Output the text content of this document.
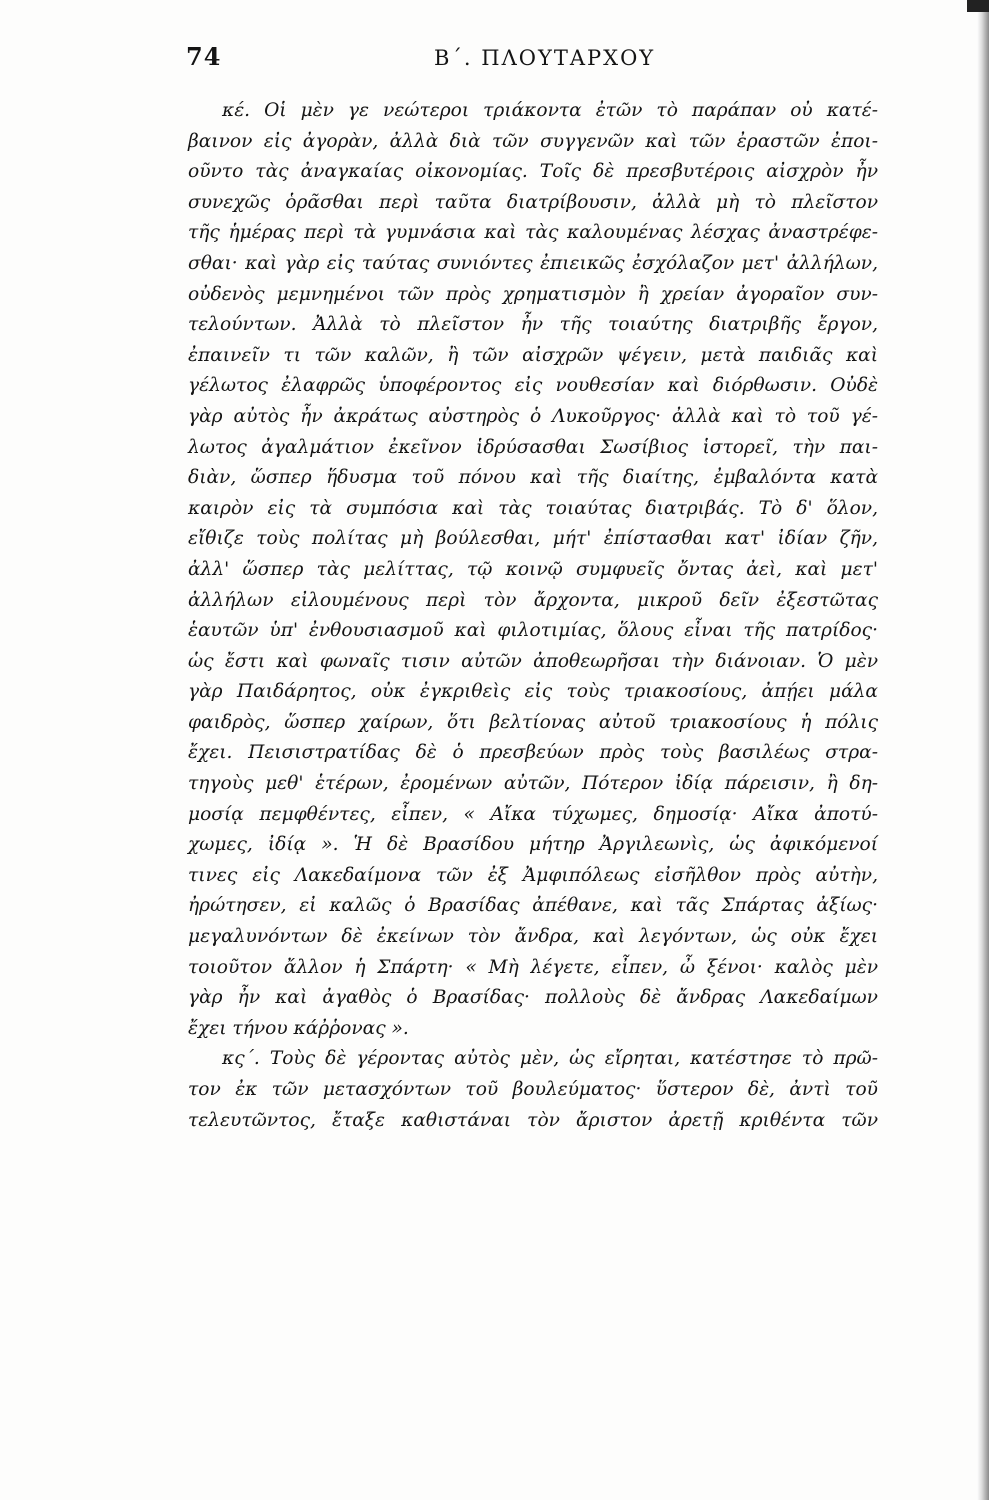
74	Β΄. ΠΛΟΥΤΑΡΧΟΥ
κέ. Οἱ μὲν γε νεώτεροι τριάκοντα ἐτῶν τὸ παράπαν οὐ κατέ-
βαινον εἰς ἀγορὰν, ἀλλὰ διὰ τῶν συγγενῶν καὶ τῶν ἐραστῶν ἐποι-
οῦντο τὰς ἀναγκαίας οἰκονομίας. Τοῖς δὲ πρεσβυτέροις αἰσχρὸν ἦν
συνεχῶς ὁρᾶσθαι περὶ ταῦτα διατρίβουσιν, ἀλλὰ μὴ τὸ πλεῖστον
τῆς ἡμέρας περὶ τὰ γυμνάσια καὶ τὰς καλουμένας λέσχας ἀναστρέφε-
σθαι· καὶ γὰρ εἰς ταύτας συνιόντες ἐπιεικῶς ἐσχόλαζον μετ' ἀλλήλων,
οὐδενὸς μεμνημένοι τῶν πρὸς χρηματισμὸν ἢ χρείαν ἀγοραῖον συν-
τελούντων. Ἀλλὰ τὸ πλεῖστον ἦν τῆς τοιαύτης διατριβῆς ἔργον,
ἐπαινεῖν τι τῶν καλῶν, ἢ τῶν αἰσχρῶν ψέγειν, μετὰ παιδιᾶς καὶ
γέλωτος ἐλαφρῶς ὑποφέροντος εἰς νουθεσίαν καὶ διόρθωσιν. Οὐδὲ
γὰρ αὐτὸς ἦν ἀκράτως αὐστηρὸς ὁ Λυκοῦργος· ἀλλὰ καὶ τὸ τοῦ γέ-
λωτος ἀγαλμάτιον ἐκεῖνον ἱδρύσασθαι Σωσίβιος ἱστορεῖ, τὴν παι-
διὰν, ὥσπερ ἥδυσμα τοῦ πόνου καὶ τῆς διαίτης, ἐμβαλόντα κατὰ
καιρὸν εἰς τὰ συμπόσια καὶ τὰς τοιαύτας διατριβάς. Τὸ δ' ὅλον,
εἴθιζε τοὺς πολίτας μὴ βούλεσθαι, μήτ' ἐπίστασθαι κατ' ἰδίαν ζῆν,
ἀλλ' ὥσπερ τὰς μελίττας, τῷ κοινῷ συμφυεῖς ὄντας ἀεὶ, καὶ μετ'
ἀλλήλων εἰλουμένους περὶ τὸν ἄρχοντα, μικροῦ δεῖν ἐξεστῶτας
ἑαυτῶν ὑπ' ἐνθουσιασμοῦ καὶ φιλοτιμίας, ὅλους εἶναι τῆς πατρίδος·
ὡς ἔστι καὶ φωναῖς τισιν αὐτῶν ἀποθεωρῆσαι τὴν διάνοιαν. Ὁ μὲν
γὰρ Παιδάρητος, οὐκ ἐγκριθεὶς εἰς τοὺς τριακοσίους, ἀπῄει μάλα
φαιδρὸς, ὥσπερ χαίρων, ὅτι βελτίονας αὐτοῦ τριακοσίους ἡ πόλις
ἔχει. Πεισιστρατίδας δὲ ὁ πρεσβεύων πρὸς τοὺς βασιλέως στρα-
τηγοὺς μεθ' ἑτέρων, ἐρομένων αὐτῶν, Πότερον ἰδίᾳ πάρεισιν, ἢ δη-
μοσίᾳ πεμφθέντες, εἶπεν, « Αἴκα τύχωμες, δημοσίᾳ· Αἴκα ἀποτύ-
χωμες, ἰδίᾳ ». Ἡ δὲ Βρασίδου μήτηρ Ἀργιλεωνὶς, ὡς ἀφικόμενοί
τινες εἰς Λακεδαίμονα τῶν ἐξ Ἀμφιπόλεως εἰσῆλθον πρὸς αὐτὴν,
ἠρώτησεν, εἰ καλῶς ὁ Βρασίδας ἀπέθανε, καὶ τᾶς Σπάρτας ἀξίως·
μεγαλυνόντων δὲ ἐκείνων τὸν ἄνδρα, καὶ λεγόντων, ὡς οὐκ ἔχει
τοιοῦτον ἄλλον ἡ Σπάρτη· « Μὴ λέγετε, εἶπεν, ὦ ξένοι· καλὸς μὲν
γὰρ ἦν καὶ ἀγαθὸς ὁ Βρασίδας· πολλοὺς δὲ ἄνδρας Λακεδαίμων
ἔχει τήνου κάῤῥονας ».
κς΄. Τοὺς δὲ γέροντας αὐτὸς μὲν, ὡς εἴρηται, κατέστησε τὸ πρῶ-
τον ἐκ τῶν μετασχόντων τοῦ βουλεύματος· ὕστερον δὲ, ἀντὶ τοῦ
τελευτῶντος, ἔταξε καθιστάναι τὸν ἄριστον ἀρετῇ κριθέντα τῶν
